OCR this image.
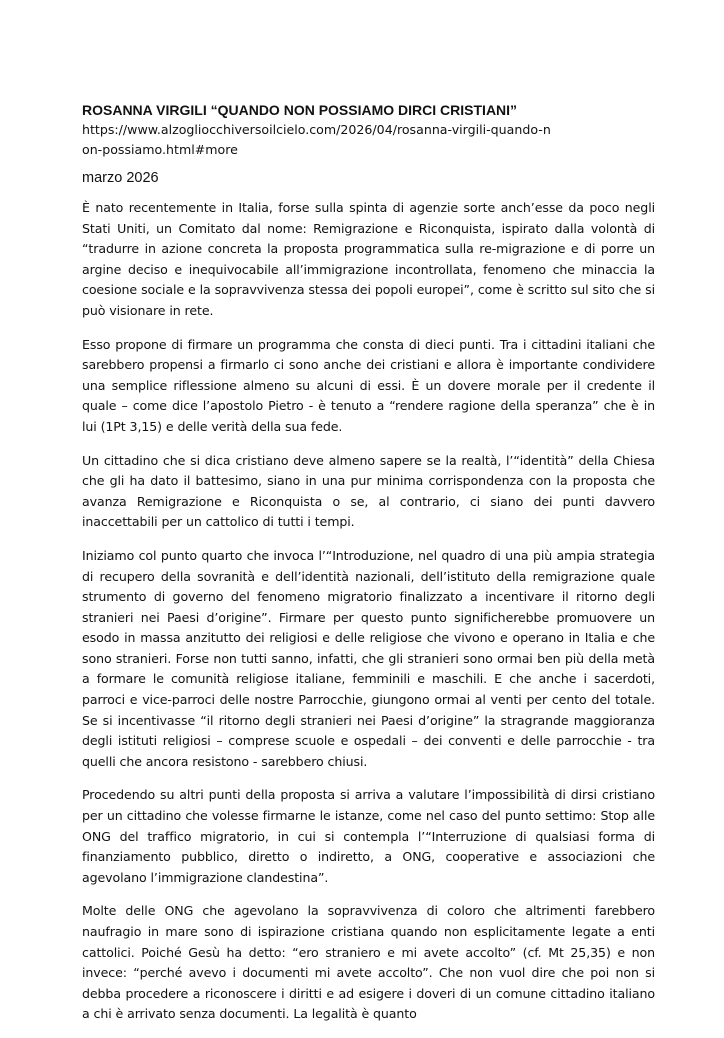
ROSANNA VIRGILI “QUANDO NON POSSIAMO DIRCI CRISTIANI”

https://www.alzogliocchiversoilcielo.com/2026/04/rosanna-virgili-quando-non-possiamo.html#more

marzo 2026

È nato recentemente in Italia, forse sulla spinta di agenzie sorte anch’esse da poco negli Stati Uniti, un Comitato dal nome: Remigrazione e Riconquista, ispirato dalla volontà di “tradurre in azione concreta la proposta programmatica sulla re-migrazione e di porre un argine deciso e inequivocabile all’immigrazione incontrollata, fenomeno che minaccia la coesione sociale e la sopravvivenza stessa dei popoli europei”, come è scritto sul sito che si può visionare in rete.

Esso propone di firmare un programma che consta di dieci punti. Tra i cittadini italiani che sarebbero propensi a firmarlo ci sono anche dei cristiani e allora è importante condividere una semplice riflessione almeno su alcuni di essi. È un dovere morale per il credente il quale – come dice l’apostolo Pietro - è tenuto a “rendere ragione della speranza” che è in lui (1Pt 3,15) e delle verità della sua fede.

Un cittadino che si dica cristiano deve almeno sapere se la realtà, l’“identità” della Chiesa che gli ha dato il battesimo, siano in una pur minima corrispondenza con la proposta che avanza Remigrazione e Riconquista o se, al contrario, ci siano dei punti davvero inaccettabili per un cattolico di tutti i tempi.

Iniziamo col punto quarto che invoca l’“Introduzione, nel quadro di una più ampia strategia di recupero della sovranità e dell’identità nazionali, dell’istituto della remigrazione quale strumento di governo del fenomeno migratorio finalizzato a incentivare il ritorno degli stranieri nei Paesi d’origine”. Firmare per questo punto significherebbe promuovere un esodo in massa anzitutto dei religiosi e delle religiose che vivono e operano in Italia e che sono stranieri. Forse non tutti sanno, infatti, che gli stranieri sono ormai ben più della metà a formare le comunità religiose italiane, femminili e maschili. E che anche i sacerdoti, parroci e vice-parroci delle nostre Parrocchie, giungono ormai al venti per cento del totale. Se si incentivasse “il ritorno degli stranieri nei Paesi d’origine” la stragrande maggioranza degli istituti religiosi – comprese scuole e ospedali – dei conventi e delle parrocchie - tra quelli che ancora resistono - sarebbero chiusi.

Procedendo su altri punti della proposta si arriva a valutare l’impossibilità di dirsi cristiano per un cittadino che volesse firmarne le istanze, come nel caso del punto settimo: Stop alle ONG del traffico migratorio, in cui si contempla l’“Interruzione di qualsiasi forma di finanziamento pubblico, diretto o indiretto, a ONG, cooperative e associazioni che agevolano l’immigrazione clandestina”.

Molte delle ONG che agevolano la sopravvivenza di coloro che altrimenti farebbero naufragio in mare sono di ispirazione cristiana quando non esplicitamente legate a enti cattolici. Poiché Gesù ha detto: “ero straniero e mi avete accolto” (cf. Mt 25,35) e non invece: “perché avevo i documenti mi avete accolto”. Che non vuol dire che poi non si debba procedere a riconoscere i diritti e ad esigere i doveri di un comune cittadino italiano a chi è arrivato senza documenti. La legalità è quanto
